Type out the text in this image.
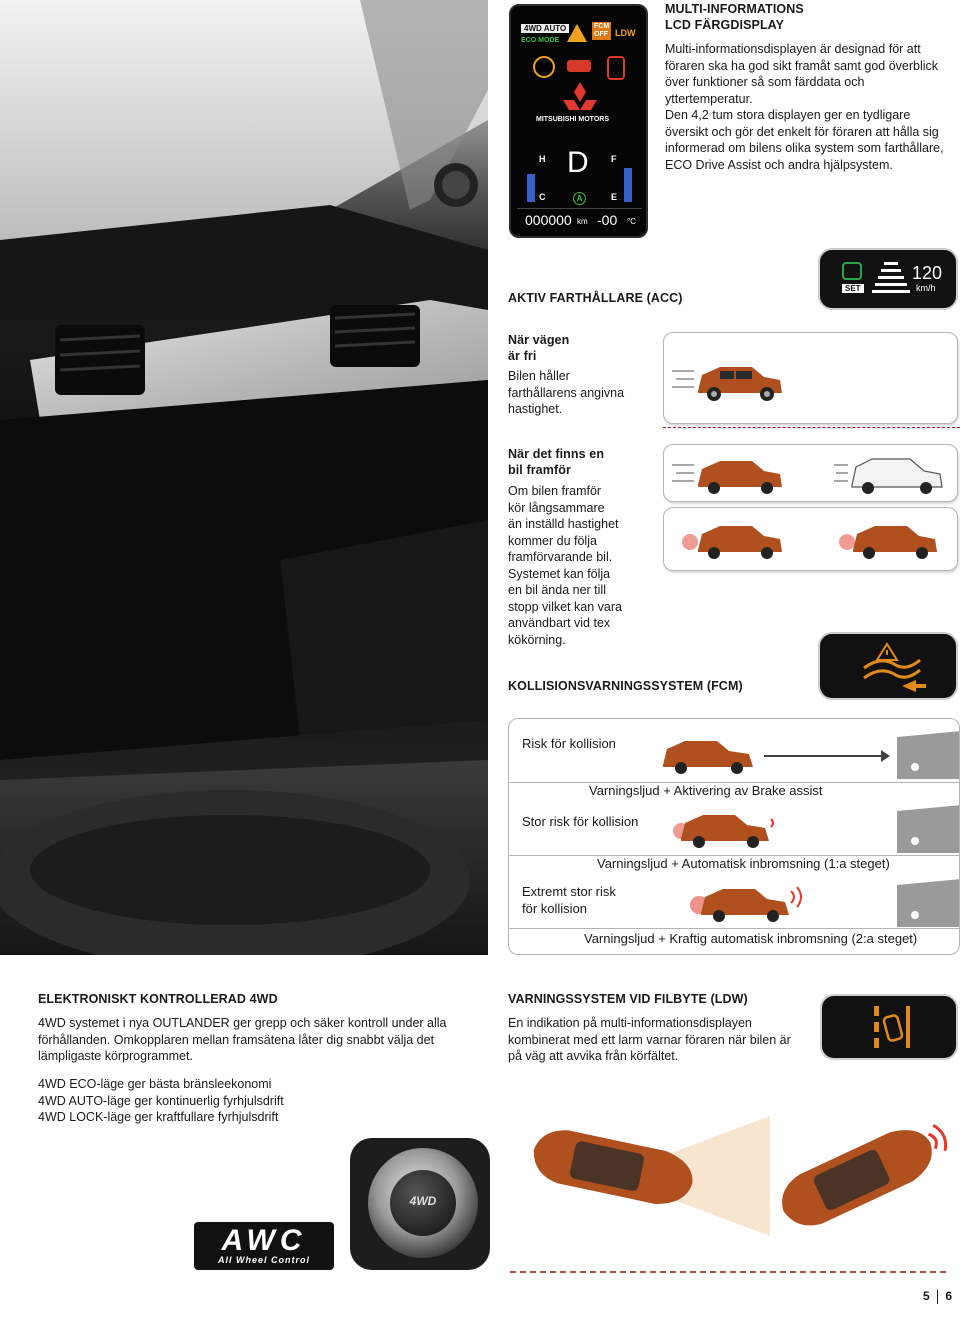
4WD AUTO
ECO MODE
FCM
OFF LDW
MITSUBISHI MOTORS
H
C
D
A
F
E
000000 km -00 °C
MULTI-INFORMATIONS
LCD FÄRGDISPLAY
Multi-informationsdisplayen är designad för att föraren ska ha god sikt framåt samt god överblick över funktioner så som färddata och yttertemperatur.
Den 4,2 tum stora displayen ger en tydligare översikt och gör det enkelt för föraren att hålla sig informerad om bilens olika system som farthållare, ECO Drive Assist och andra hjälpsystem.
AKTIV FARTHÅLLARE (ACC)
SET
120
km/h
När vägen
är fri
Bilen håller
farthållarens angivna
hastighet.
När det finns en
bil framför
Om bilen framför
kör långsammare
än inställd hastighet
kommer du följa
framförvarande bil.
Systemet kan följa
en bil ända ner till
stopp vilket kan vara
användbart vid tex
kökörning.
KOLLISIONSVARNINGSSYSTEM (FCM)
Risk för kollision
Varningsljud + Aktivering av Brake assist
Stor risk för kollision
Varningsljud + Automatisk inbromsning (1:a steget)
Extremt stor risk
för kollision
Varningsljud + Kraftig automatisk inbromsning (2:a steget)
ELEKTRONISKT KONTROLLERAD 4WD
4WD systemet i nya OUTLANDER ger grepp och säker kontroll under alla förhållanden. Omkopplaren mellan framsätena låter dig snabbt välja det lämpligaste körprogrammet.
4WD ECO-läge ger bästa bränsleekonomi
4WD AUTO-läge ger kontinuerlig fyrhjulsdrift
4WD LOCK-läge ger kraftfullare fyrhjulsdrift
4WD
AWC
All Wheel Control
VARNINGSSYSTEM VID FILBYTE (LDW)
En indikation på multi-informationsdisplayen kombinerat med ett larm varnar föraren när bilen är på väg att avvika från körfältet.
5 6
